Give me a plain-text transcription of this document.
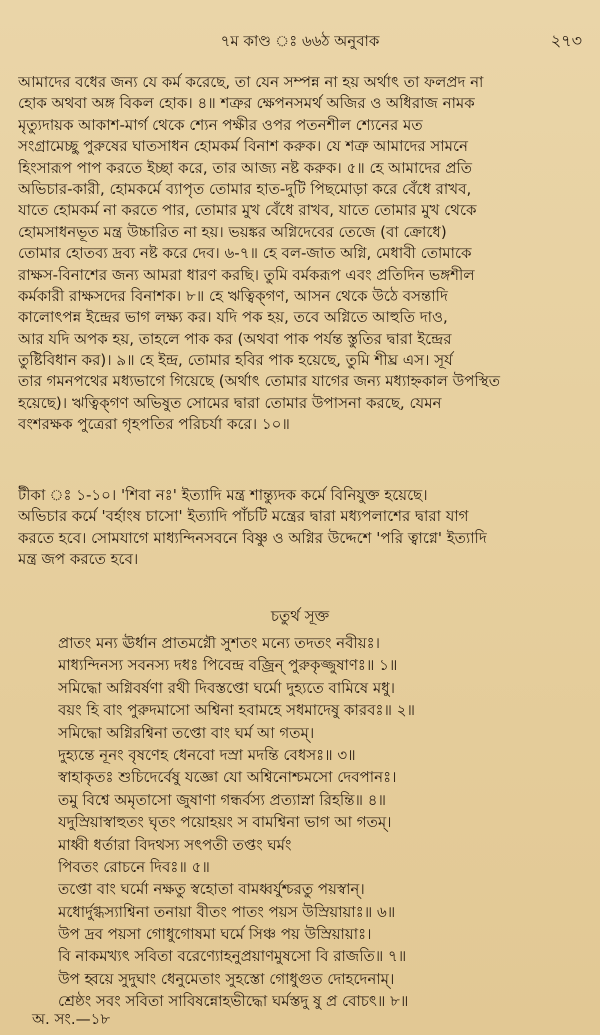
৭ম কাণ্ড ঃ ৬৬ঠ অনুবাক	২৭৩
আমাদের বধের জন্য যে কর্ম করেছে, তা যেন সম্পন্ন না হয় অর্থাৎ তা ফলপ্রদ না
হোক অথবা অঙ্গ বিকল হোক। ৪॥ শত্রুর ক্ষেপনসমর্থ অজির ও অধিরাজ নামক
মৃত্যুদায়ক আকাশ-মার্গ থেকে শ্যেন পক্ষীর ওপর পতনশীল শ্যেনের মত
সংগ্রামেচ্ছু পুরুষের ঘাতসাধন হোমকর্ম বিনাশ করুক। যে শত্রু আমাদের সামনে
হিংসারূপ পাপ করতে ইচ্ছা করে, তার আজ্য নষ্ট করুক। ৫॥ হে আমাদের প্রতি
অভিচার-কারী, হোমকর্মে ব্যাপৃত তোমার হাত-দুটি পিছমোড়া করে বেঁধে রাখব,
যাতে হোমকর্ম না করতে পার, তোমার মুখ বেঁধে রাখব, যাতে তোমার মুখ থেকে
হোমসাধনভূত মন্ত্র উচ্চারিত না হয়। ভয়ঙ্কর অগ্নিদেবের তেজে (বা ক্রোধে)
তোমার হোতব্য দ্রব্য নষ্ট করে দেব। ৬-৭॥ হে বল-জাত অগ্নি, মেধাবী তোমাকে
রাক্ষস-বিনাশের জন্য আমরা ধারণ করছি। তুমি বর্মকরূপ এবং প্রতিদিন ভঙ্গশীল
কর্মকারী রাক্ষসদের বিনাশক। ৮॥ হে ঋত্বিক্‌গণ, আসন থেকে উঠে বসন্তাদি
কালোৎপন্ন ইন্দ্রের ভাগ লক্ষ্য কর। যদি পক হয়, তবে অগ্নিতে আহুতি দাও,
আর যদি অপক হয়, তাহলে পাক কর (অথবা পাক পর্যন্ত স্তুতির দ্বারা ইন্দ্রের
তুষ্টিবিধান কর)। ৯॥ হে ইন্দ্র, তোমার হবির পাক হয়েছে, তুমি শীঘ্র এস। সূর্য
তার গমনপথের মধ্যভাগে গিয়েছে (অর্থাৎ তোমার যাগের জন্য মধ্যাহ্নকাল উপস্থিত
হয়েছে)। ঋত্বিক্‌গণ অভিষুত সোমের দ্বারা তোমার উপাসনা করছে, যেমন
বংশরক্ষক পুত্রেরা গৃহপতির পরিচর্যা করে। ১০॥
টীকা ঃ ১-১০। 'শিবা নঃ' ইত্যাদি মন্ত্র শান্ত্যুদক কর্মে বিনিযুক্ত হয়েছে।
অভিচার কর্মে 'বর্হাংষ চাসো' ইত্যাদি পাঁচটি মন্ত্রের দ্বারা মধ্যপলাশের দ্বারা যাগ
করতে হবে। সোমযাগে মাধ্যন্দিনসবনে বিষ্ণু ও অগ্নির উদ্দেশে 'পরি ত্বাগ্নে' ইত্যাদি
মন্ত্র জপ করতে হবে।
চতুর্থ সূক্ত
প্রাতং মন্য ঊর্ধান প্রাতমগ্নৌ সুশতং মন্যে তদতং নবীয়ঃ।
মাধ্যন্দিনস্য সবনস্য দধঃ পিবেন্দ্র বজ্রিন্ পুরুকৃজ্জুষাণঃ॥ ১॥
সমিদ্ধো অগ্নিবর্ষণা রথী দিবস্তপ্তো ঘর্মো দুহ্যতে বামিষে মধু।
বয়ং হি বাং পুরুদমাসো অশ্বিনা হবামহে সধমাদেষু কারবঃ॥ ২॥
সমিদ্ধো অগ্নিরশ্বিনা তপ্তো বাং ঘর্ম আ গতম্।
দুহ্যন্তে নূনং বৃষণেহ ধেনবো দস্রা মদন্তি বেধসঃ॥ ৩॥
স্বাহাকৃতঃ শুচিদের্বেষু যজ্ঞো যো অশ্বিনোশ্চমসো দেবপানঃ।
তমু বিশ্বে অমৃতাসো জুষাণা গন্ধর্বস্য প্রত্যাস্না রিহন্তি॥ ৪॥
যদুস্রিয়াস্বাহুতং ঘৃতং পয়োহয়ং স বামশ্বিনা ভাগ আ গতম্।
মাধ্বী ধর্তারা বিদথস্য সৎপতী তপ্তং ঘর্মং
পিবতং রোচনে দিবঃ॥ ৫॥
তপ্তো বাং ঘর্মো নক্ষতু স্বহোতা বামধ্বর্যুশ্চরতু পয়স্বান্।
মধোর্দুগ্ধস্যাশ্বিনা তনায়া বীতং পাতং পয়স উস্রিয়ায়াঃ॥ ৬॥
উপ দ্রব পয়সা গোধুগোষমা ঘর্মে সিঞ্চ পয় উস্রিয়ায়াঃ।
বি নাকমখ্যৎ সবিতা বরেণ্যোহনুপ্রয়াণমুষসো বি রাজতি॥ ৭॥
উপ হ্বয়ে সুদুঘাং ধেনুমেতাং সুহস্তো গোধুগুত দোহদেনাম্।
শ্রেষ্ঠং সবং সবিতা সাবিষন্নোহভীদ্ধো ঘর্মস্তদু ষু প্র বোচৎ॥ ৮॥
অ. সং.—১৮
